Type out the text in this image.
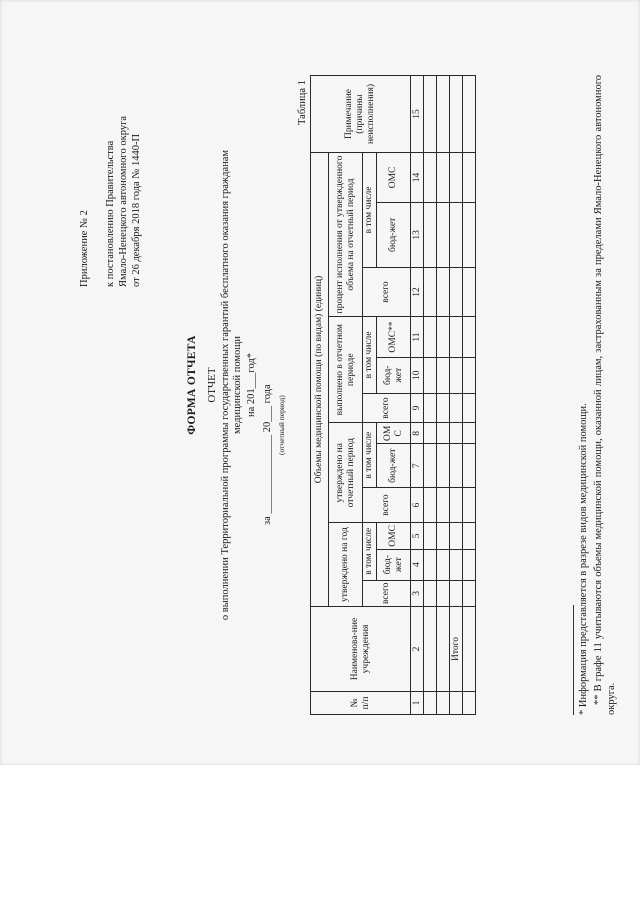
Приложение № 2 к постановлению Правительства Ямало-Ненецкого автономного округа от 26 декабря 2018 года № 1440-П
ФОРМА ОТЧЕТА ОТЧЕТ о выполнении Территориальной программы государственных гарантий бесплатного оказания гражданам медицинской помощи на 201___год* за _______________ 20___ года (отчетный период)
Таблица 1
№ п/п	Наименова-ние учреждения	Объемы медицинской помощи (по видам) (единиц)												Примечание (причины неисполнения)
		утверждено на год			утверждено на отчетный период			выполнено в отчетном периоде			процент исполнения от утвержденного объема на отчетный период			
		всего	в том числе		всего	в том числе		всего	в том числе		всего	в том числе		
			бюд-жет	ОМС		бюд-жет	ОМ С		бюд-жет	ОМС**		бюд-жет	ОМС	
1	2	3	4	5	6	7	8	9	10	11	12	13	14	15

	Итого													
															* Информация представляется в разрезе видов медицинской помощи. ** В графе 11 учитываются объемы медицинской помощи, оказанной лицам, застрахованным за пределами Ямало-Ненецкого автономного округа.
